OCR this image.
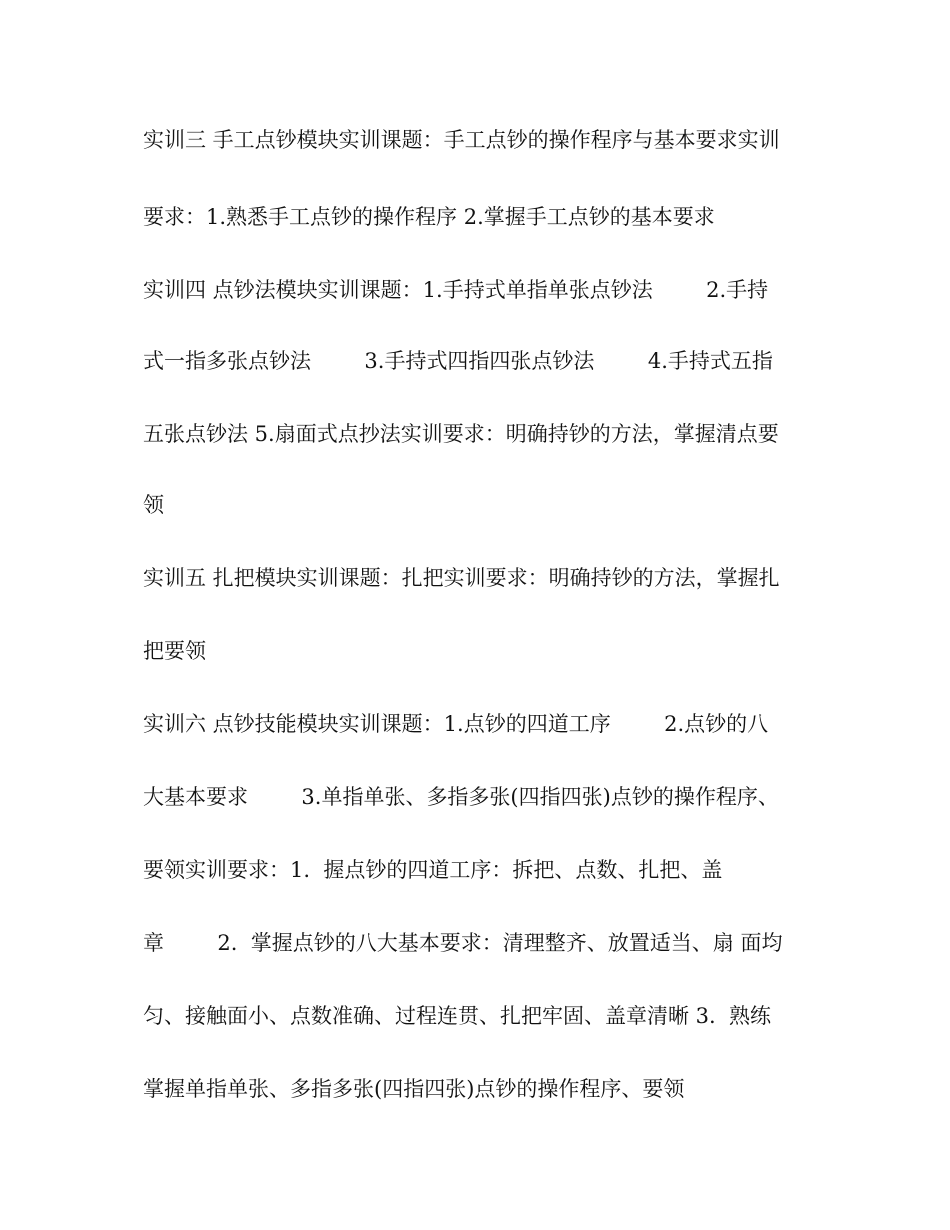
实训三 手工点钞模块实训课题：手工点钞的操作程序与基本要求实训
要求：1.熟悉手工点钞的操作程序 2.掌握手工点钞的基本要求
实训四 点钞法模块实训课题：1.手持式单指单张点钞法        2.手持
式一指多张点钞法        3.手持式四指四张点钞法        4.手持式五指
五张点钞法 5.扇面式点抄法实训要求：明确持钞的方法，掌握清点要
领
实训五 扎把模块实训课题：扎把实训要求：明确持钞的方法，掌握扎
把要领
实训六 点钞技能模块实训课题：1.点钞的四道工序        2.点钞的八
大基本要求        3.单指单张、多指多张(四指四张)点钞的操作程序、
要领实训要求：1.  握点钞的四道工序：拆把、点数、扎把、盖
章        2.  掌握点钞的八大基本要求：清理整齐、放置适当、扇 面均
匀、接触面小、点数准确、过程连贯、扎把牢固、盖章清晰 3.  熟练
掌握单指单张、多指多张(四指四张)点钞的操作程序、要领
